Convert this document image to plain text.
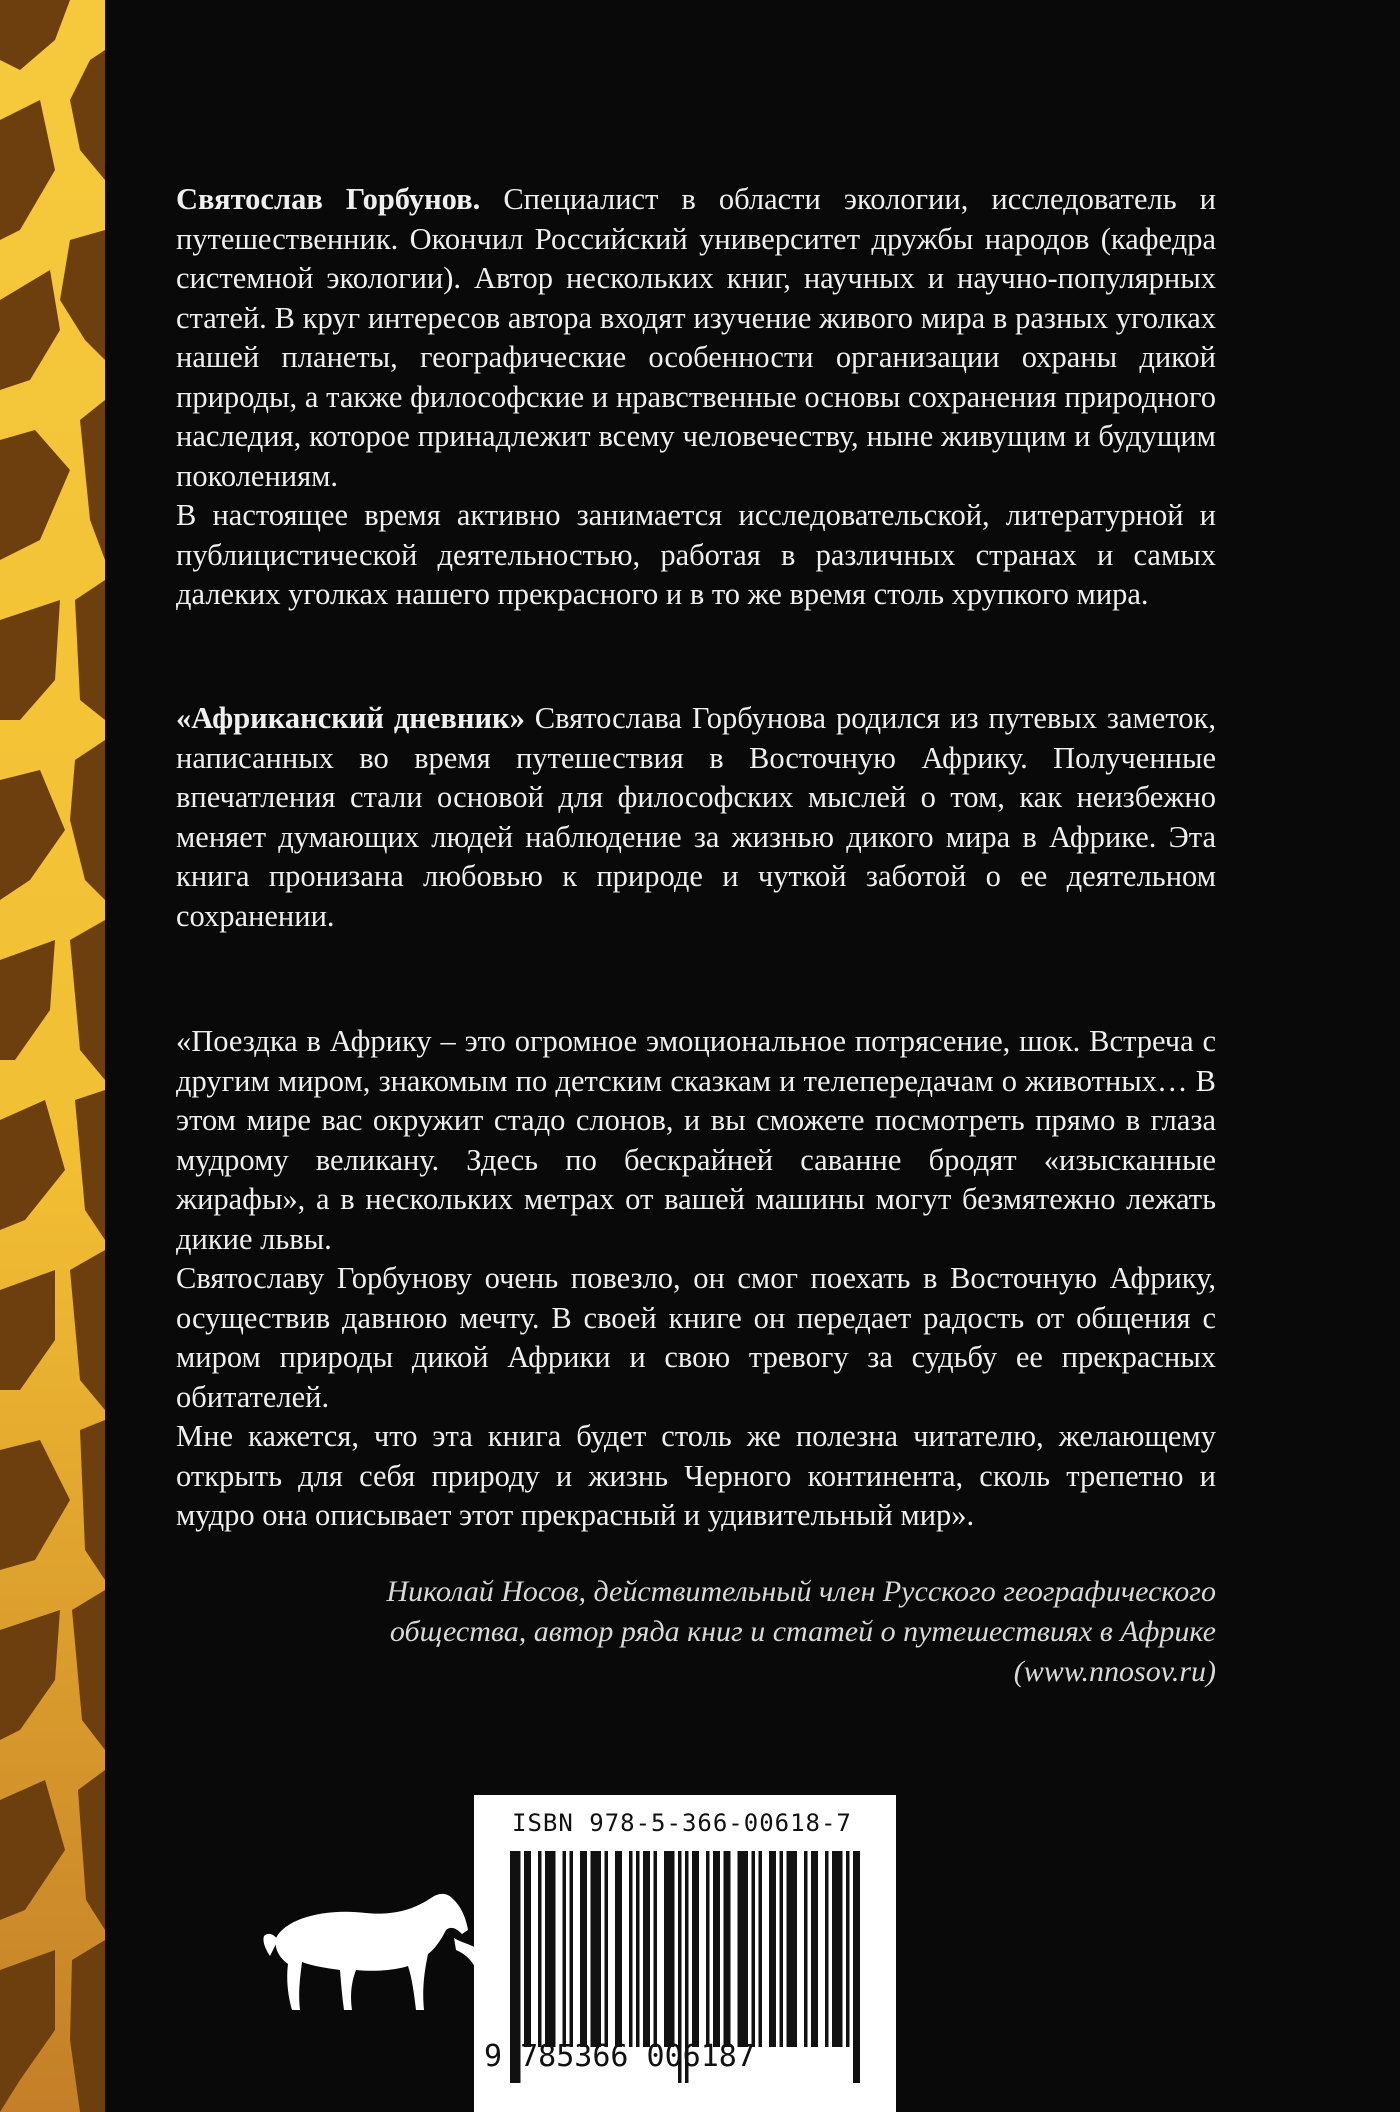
Святослав Горбунов. Специалист в области экологии, исследователь и путешественник. Окончил Российский университет дружбы народов (кафедра системной экологии). Автор нескольких книг, научных и научно-популярных статей. В круг интересов автора входят изучение живого мира в разных уголках нашей планеты, географические особенности организации охраны дикой природы, а также философские и нравственные основы сохранения природного наследия, которое принадлежит всему человечеству, ныне живущим и будущим поколениям.

В настоящее время активно занимается исследовательской, литературной и публицистической деятельностью, работая в различных странах и самых далеких уголках нашего прекрасного и в то же время столь хрупкого мира.

«Африканский дневник» Святослава Горбунова родился из путевых заметок, написанных во время путешествия в Восточную Африку. Полученные впечатления стали основой для философских мыслей о том, как неизбежно меняет думающих людей наблюдение за жизнью дикого мира в Африке. Эта книга пронизана любовью к природе и чуткой заботой о ее деятельном сохранении.

«Поездка в Африку – это огромное эмоциональное потрясение, шок. Встреча с другим миром, знакомым по детским сказкам и телепередачам о животных… В этом мире вас окружит стадо слонов, и вы сможете посмотреть прямо в глаза мудрому великану. Здесь по бескрайней саванне бродят «изысканные жирафы», а в нескольких метрах от вашей машины могут безмятежно лежать дикие львы.

Святославу Горбунову очень повезло, он смог поехать в Восточную Африку, осуществив давнюю мечту. В своей книге он передает радость от общения с миром природы дикой Африки и свою тревогу за судьбу ее прекрасных обитателей.

Мне кажется, что эта книга будет столь же полезна читателю, желающему открыть для себя природу и жизнь Черного континента, сколь трепетно и мудро она описывает этот прекрасный и удивительный мир».

Николай Носов, действительный член Русского географического
общества, автор ряда книг и статей о путешествиях в Африке
(www.nnosov.ru)
ISBN 978-5-366-00618-7
9 785366 006187
